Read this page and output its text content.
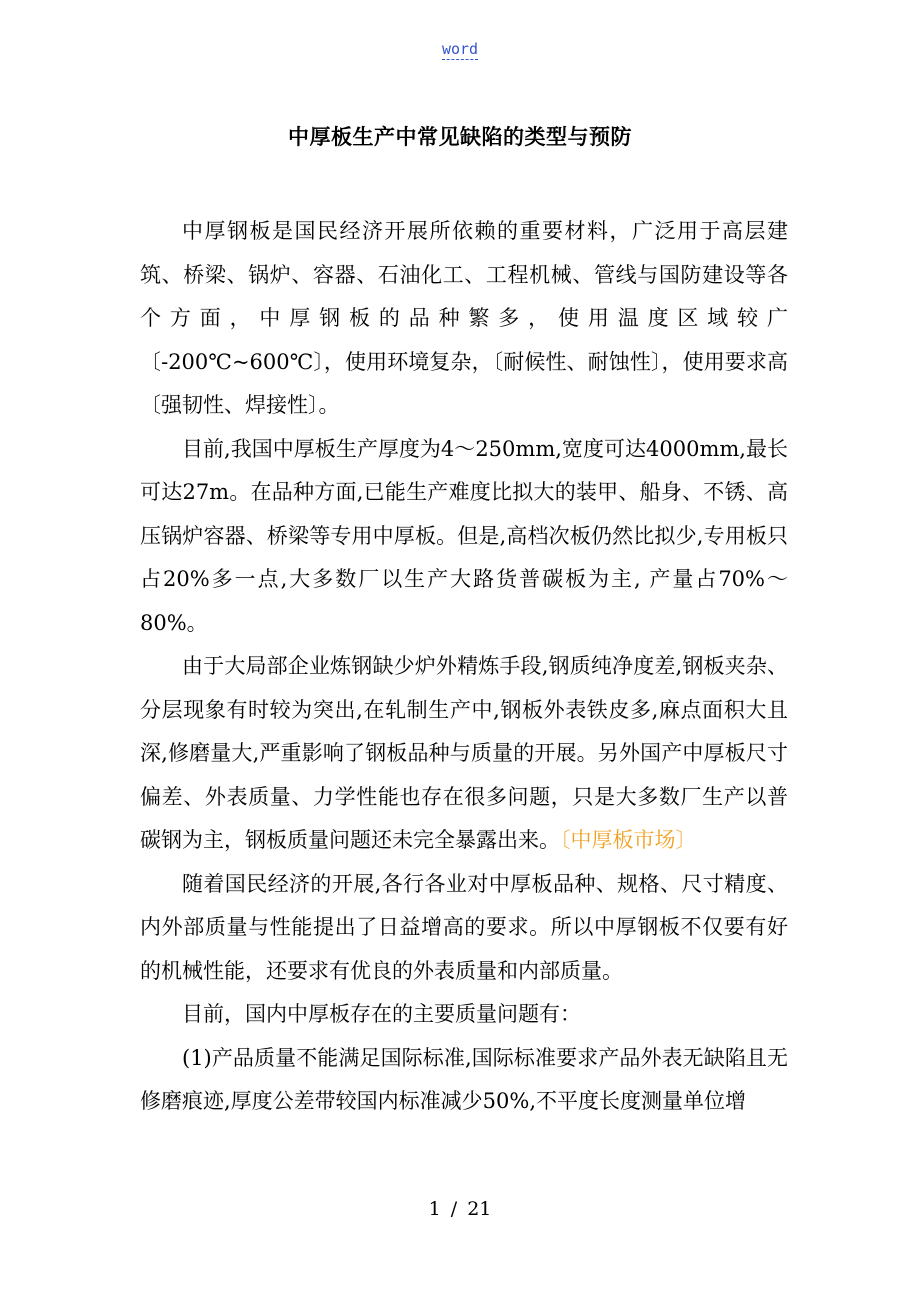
word
中厚板生产中常见缺陷的类型与预防

中厚钢板是国民经济开展所依赖的重要材料，广泛用于高层建筑、桥梁、锅炉、容器、石油化工、工程机械、管线与国防建设等各个方面，中厚钢板的品种繁多，使用温度区域较广〔-200℃~600℃〕，使用环境复杂，〔耐候性、耐蚀性〕，使用要求高〔强韧性、焊接性〕。

目前,我国中厚板生产厚度为4～250mm,宽度可达4000mm,最长可达27m。在品种方面,已能生产难度比拟大的装甲、船身、不锈、高压锅炉容器、桥梁等专用中厚板。但是,高档次板仍然比拟少,专用板只占20%多一点,大多数厂以生产大路货普碳板为主, 产量占70%～80%。

由于大局部企业炼钢缺少炉外精炼手段,钢质纯净度差,钢板夹杂、分层现象有时较为突出,在轧制生产中,钢板外表铁皮多,麻点面积大且深,修磨量大,严重影响了钢板品种与质量的开展。另外国产中厚板尺寸偏差、外表质量、力学性能也存在很多问题，只是大多数厂生产以普碳钢为主，钢板质量问题还未完全暴露出来。〔中厚板市场〕

随着国民经济的开展,各行各业对中厚板品种、规格、尺寸精度、内外部质量与性能提出了日益增高的要求。所以中厚钢板不仅要有好的机械性能，还要求有优良的外表质量和内部质量。

目前，国内中厚板存在的主要质量问题有：

(1)产品质量不能满足国际标准,国际标准要求产品外表无缺陷且无修磨痕迹,厚度公差带较国内标准减少50%,不平度长度测量单位增

1 / 21
